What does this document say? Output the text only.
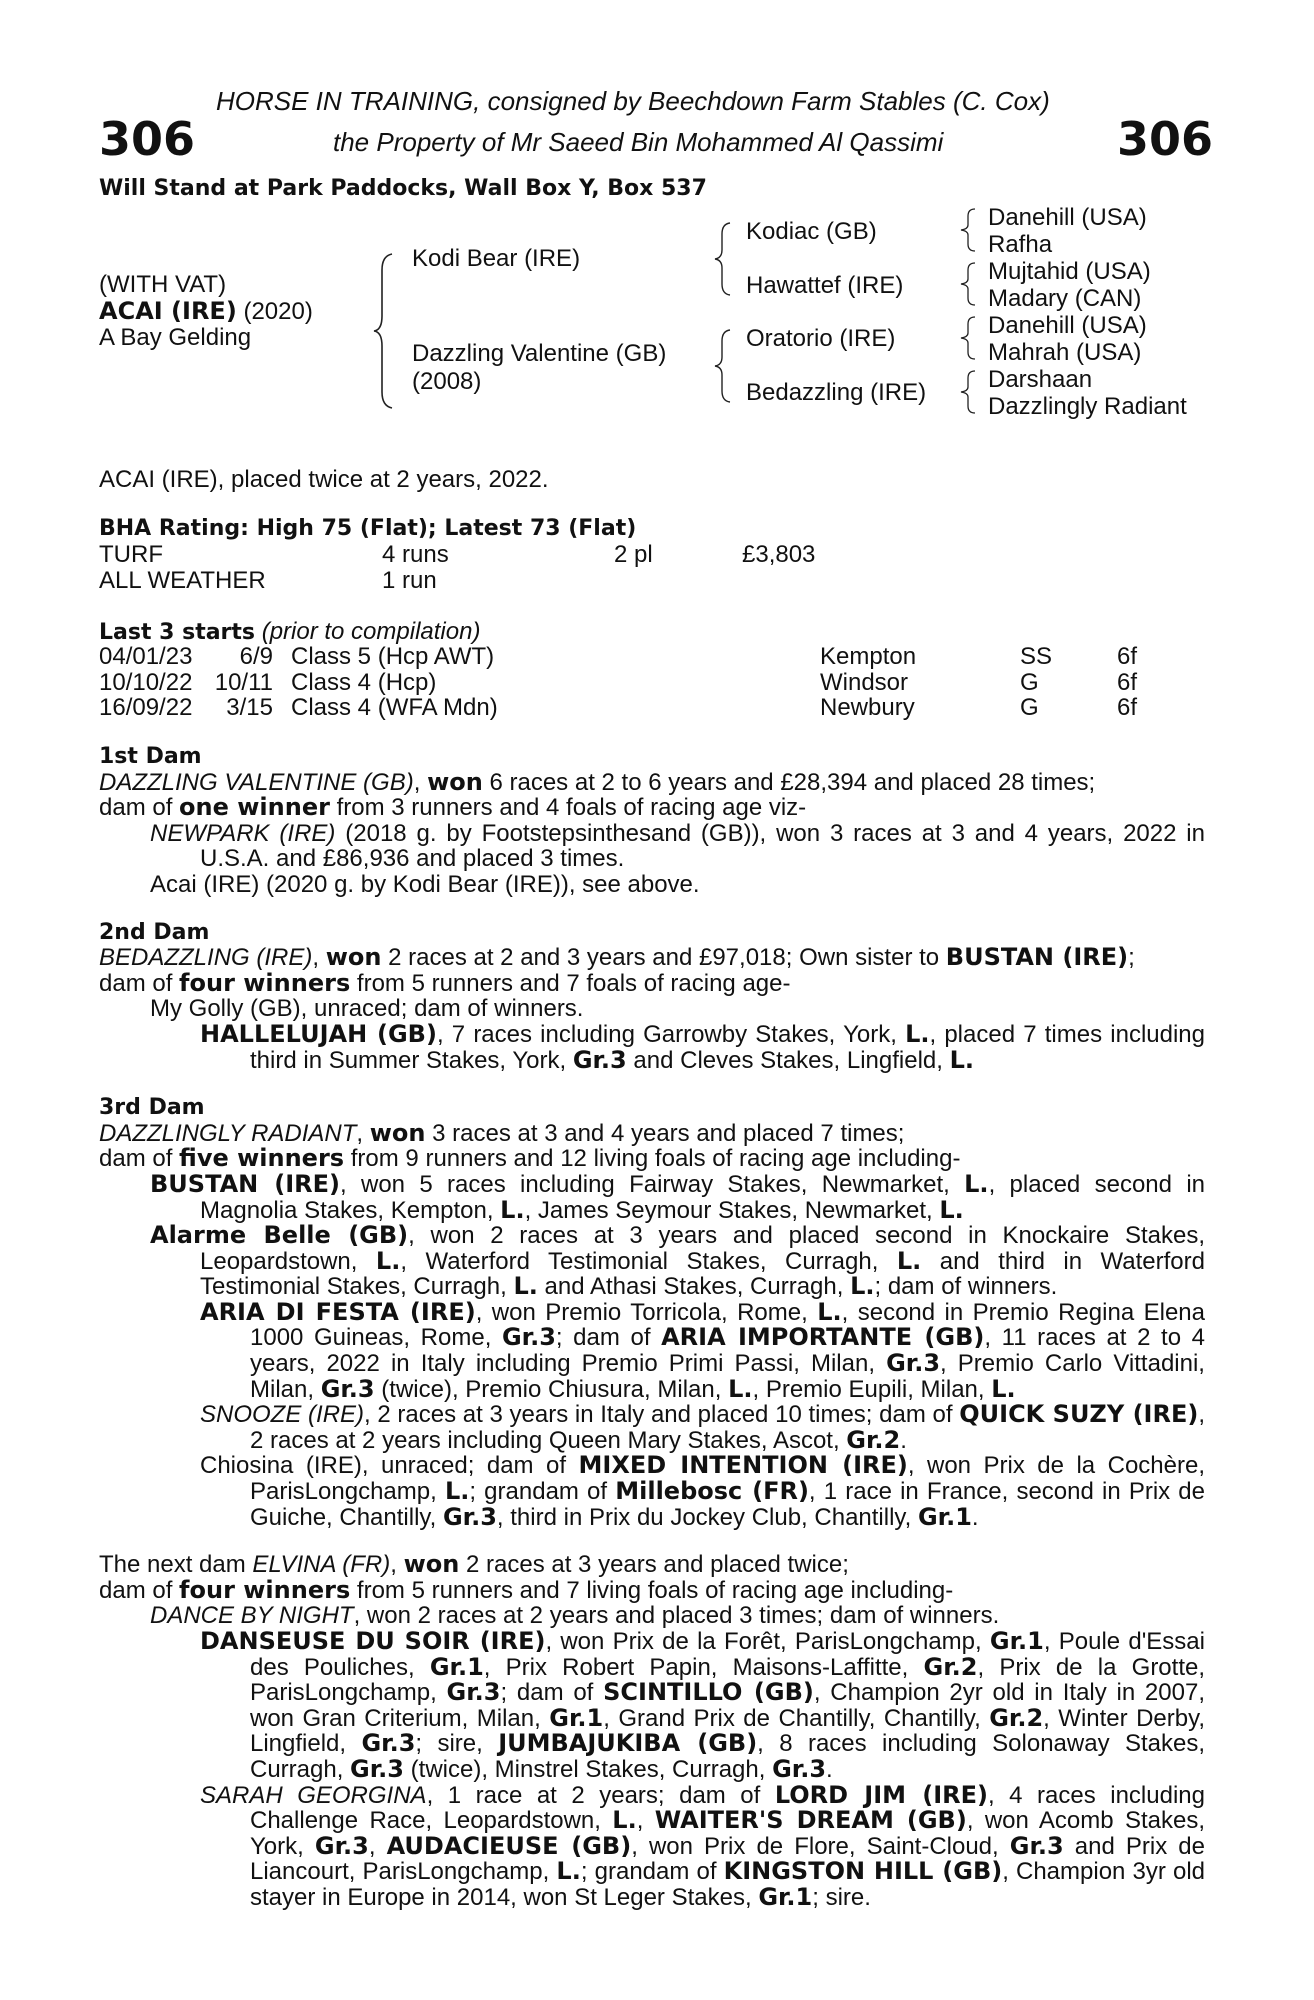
HORSE IN TRAINING, consigned by Beechdown Farm Stables (C. Cox)
306	the Property of Mr Saeed Bin Mohammed Al Qassimi	306
Will Stand at Park Paddocks, Wall Box Y, Box 537
(WITH VAT)
ACAI (IRE) (2020)
A Bay Gelding
Kodi Bear (IRE)
Dazzling Valentine (GB)
(2008)
Kodiac (GB)
Hawattef (IRE)
Oratorio (IRE)
Bedazzling (IRE)
Danehill (USA)
Rafha
Mujtahid (USA)
Madary (CAN)
Danehill (USA)
Mahrah (USA)
Darshaan
Dazzlingly Radiant
ACAI (IRE), placed twice at 2 years, 2022.
BHA Rating: High 75 (Flat); Latest 73 (Flat)
TURF	4 runs	2 pl	£3,803
ALL WEATHER	1 run
Last 3 starts (prior to compilation)
04/01/23 6/9 Class 5 (Hcp AWT)	Kempton	SS	6f
10/10/22 10/11 Class 4 (Hcp)	Windsor	G	6f
16/09/22 3/15 Class 4 (WFA Mdn)	Newbury	G	6f

1st Dam

DAZZLING VALENTINE (GB), won 6 races at 2 to 6 years and £28,394 and placed 28 times;

dam of one winner from 3 runners and 4 foals of racing age viz-

NEWPARK (IRE) (2018 g. by Footstepsinthesand (GB)), won 3 races at 3 and 4 years, 2022 in U.S.A. and £86,936 and placed 3 times.

Acai (IRE) (2020 g. by Kodi Bear (IRE)), see above.

2nd Dam

BEDAZZLING (IRE), won 2 races at 2 and 3 years and £97,018; Own sister to BUSTAN (IRE);

dam of four winners from 5 runners and 7 foals of racing age-

My Golly (GB), unraced; dam of winners.

HALLELUJAH (GB), 7 races including Garrowby Stakes, York, L., placed 7 times including third in Summer Stakes, York, Gr.3 and Cleves Stakes, Lingfield, L.

3rd Dam

DAZZLINGLY RADIANT, won 3 races at 3 and 4 years and placed 7 times;

dam of five winners from 9 runners and 12 living foals of racing age including-

BUSTAN (IRE), won 5 races including Fairway Stakes, Newmarket, L., placed second in Magnolia Stakes, Kempton, L., James Seymour Stakes, Newmarket, L.

Alarme Belle (GB), won 2 races at 3 years and placed second in Knockaire Stakes, Leopardstown, L., Waterford Testimonial Stakes, Curragh, L. and third in Waterford Testimonial Stakes, Curragh, L. and Athasi Stakes, Curragh, L.; dam of winners.

ARIA DI FESTA (IRE), won Premio Torricola, Rome, L., second in Premio Regina Elena 1000 Guineas, Rome, Gr.3; dam of ARIA IMPORTANTE (GB), 11 races at 2 to 4 years, 2022 in Italy including Premio Primi Passi, Milan, Gr.3, Premio Carlo Vittadini, Milan, Gr.3 (twice), Premio Chiusura, Milan, L., Premio Eupili, Milan, L.

SNOOZE (IRE), 2 races at 3 years in Italy and placed 10 times; dam of QUICK SUZY (IRE), 2 races at 2 years including Queen Mary Stakes, Ascot, Gr.2.

Chiosina (IRE), unraced; dam of MIXED INTENTION (IRE), won Prix de la Cochère, ParisLongchamp, L.; grandam of Millebosc (FR), 1 race in France, second in Prix de Guiche, Chantilly, Gr.3, third in Prix du Jockey Club, Chantilly, Gr.1.

The next dam ELVINA (FR), won 2 races at 3 years and placed twice;

dam of four winners from 5 runners and 7 living foals of racing age including-

DANCE BY NIGHT, won 2 races at 2 years and placed 3 times; dam of winners.

DANSEUSE DU SOIR (IRE), won Prix de la Forêt, ParisLongchamp, Gr.1, Poule d'Essai des Pouliches, Gr.1, Prix Robert Papin, Maisons-Laffitte, Gr.2, Prix de la Grotte, ParisLongchamp, Gr.3; dam of SCINTILLO (GB), Champion 2yr old in Italy in 2007, won Gran Criterium, Milan, Gr.1, Grand Prix de Chantilly, Chantilly, Gr.2, Winter Derby, Lingfield, Gr.3; sire, JUMBAJUKIBA (GB), 8 races including Solonaway Stakes, Curragh, Gr.3 (twice), Minstrel Stakes, Curragh, Gr.3.

SARAH GEORGINA, 1 race at 2 years; dam of LORD JIM (IRE), 4 races including Challenge Race, Leopardstown, L., WAITER'S DREAM (GB), won Acomb Stakes, York, Gr.3, AUDACIEUSE (GB), won Prix de Flore, Saint-Cloud, Gr.3 and Prix de Liancourt, ParisLongchamp, L.; grandam of KINGSTON HILL (GB), Champion 3yr old stayer in Europe in 2014, won St Leger Stakes, Gr.1; sire.
